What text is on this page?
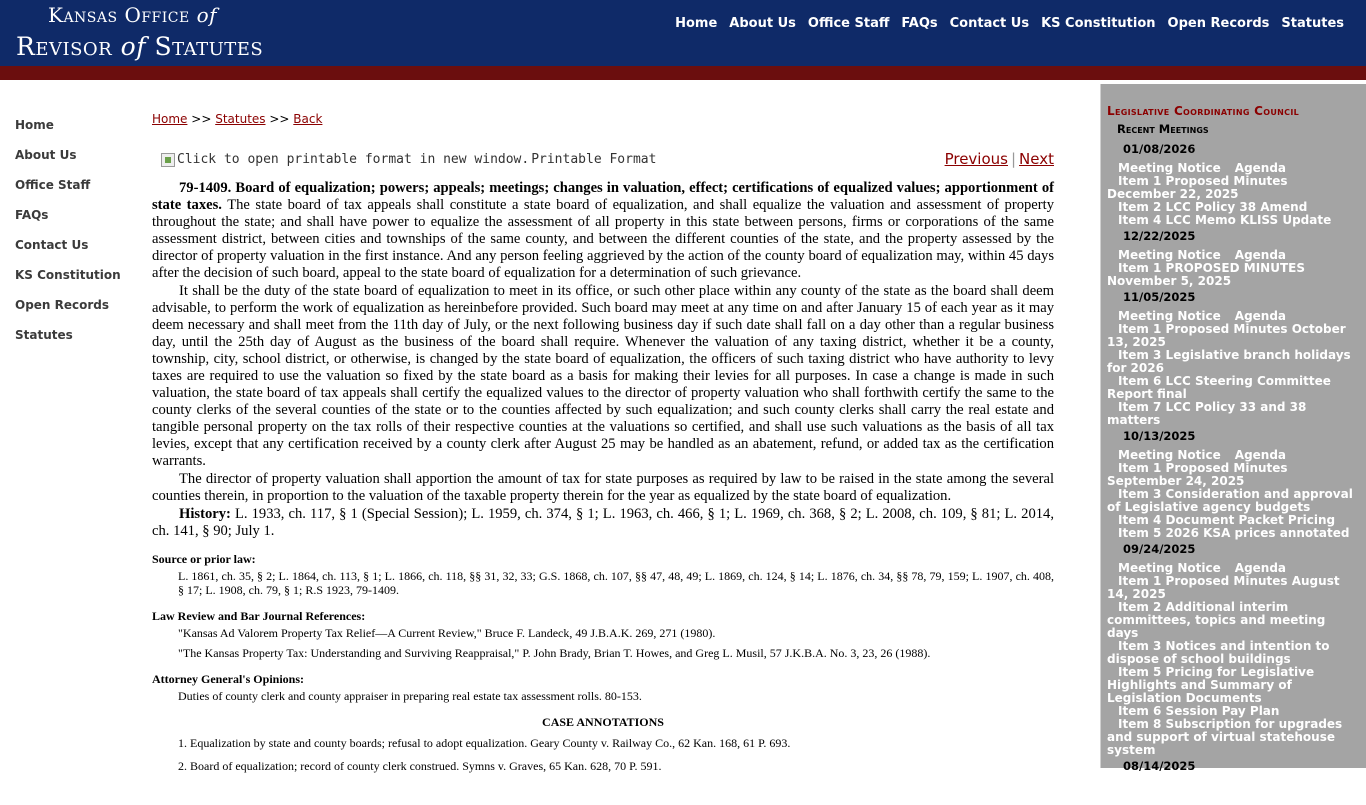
Kansas Office of
Revisor of Statutes
Home About Us Office Staff FAQs Contact Us KS Constitution Open Records Statutes
Home
About Us
Office Staff
FAQs
Contact Us
KS Constitution
Open Records
Statutes
Home >> Statutes >> Back
Click to open printable format in new window. Printable Format	Previous | Next

79-1409. Board of equalization; powers; appeals; meetings; changes in valuation, effect; certifications of equalized values; apportionment of state taxes. The state board of tax appeals shall constitute a state board of equalization, and shall equalize the valuation and assessment of property throughout the state; and shall have power to equalize the assessment of all property in this state between persons, firms or corporations of the same assessment district, between cities and townships of the same county, and between the different counties of the state, and the property assessed by the director of property valuation in the first instance. And any person feeling aggrieved by the action of the county board of equalization may, within 45 days after the decision of such board, appeal to the state board of equalization for a determination of such grievance.

It shall be the duty of the state board of equalization to meet in its office, or such other place within any county of the state as the board shall deem advisable, to perform the work of equalization as hereinbefore provided. Such board may meet at any time on and after January 15 of each year as it may deem necessary and shall meet from the 11th day of July, or the next following business day if such date shall fall on a day other than a regular business day, until the 25th day of August as the business of the board shall require. Whenever the valuation of any taxing district, whether it be a county, township, city, school district, or otherwise, is changed by the state board of equalization, the officers of such taxing district who have authority to levy taxes are required to use the valuation so fixed by the state board as a basis for making their levies for all purposes. In case a change is made in such valuation, the state board of tax appeals shall certify the equalized values to the director of property valuation who shall forthwith certify the same to the county clerks of the several counties of the state or to the counties affected by such equalization; and such county clerks shall carry the real estate and tangible personal property on the tax rolls of their respective counties at the valuations so certified, and shall use such valuations as the basis of all tax levies, except that any certification received by a county clerk after August 25 may be handled as an abatement, refund, or added tax as the certification warrants.

The director of property valuation shall apportion the amount of tax for state purposes as required by law to be raised in the state among the several counties therein, in proportion to the valuation of the taxable property therein for the year as equalized by the state board of equalization.

History: L. 1933, ch. 117, § 1 (Special Session); L. 1959, ch. 374, § 1; L. 1963, ch. 466, § 1; L. 1969, ch. 368, § 2; L. 2008, ch. 109, § 81; L. 2014, ch. 141, § 90; July 1.

Source or prior law:
L. 1861, ch. 35, § 2; L. 1864, ch. 113, § 1; L. 1866, ch. 118, §§ 31, 32, 33; G.S. 1868, ch. 107, §§ 47, 48, 49; L. 1869, ch. 124, § 14; L. 1876, ch. 34, §§ 78, 79, 159; L. 1907, ch. 408, § 17; L. 1908, ch. 79, § 1; R.S 1923, 79-1409.
Law Review and Bar Journal References:
"Kansas Ad Valorem Property Tax Relief—A Current Review," Bruce F. Landeck, 49 J.B.A.K. 269, 271 (1980).
"The Kansas Property Tax: Understanding and Surviving Reappraisal," P. John Brady, Brian T. Howes, and Greg L. Musil, 57 J.K.B.A. No. 3, 23, 26 (1988).
Attorney General's Opinions:
Duties of county clerk and county appraiser in preparing real estate tax assessment rolls. 80-153.
CASE ANNOTATIONS
1. Equalization by state and county boards; refusal to adopt equalization. Geary County v. Railway Co., 62 Kan. 168, 61 P. 693.
2. Board of equalization; record of county clerk construed. Symns v. Graves, 65 Kan. 628, 70 P. 591.
Legislative Coordinating Council
Recent Meetings
01/08/2026
Meeting Notice Agenda
Item 1 Proposed Minutes December 22, 2025
Item 2 LCC Policy 38 Amend
Item 4 LCC Memo KLISS Update
12/22/2025
Meeting Notice Agenda
Item 1 PROPOSED MINUTES November 5, 2025
11/05/2025
Meeting Notice Agenda
Item 1 Proposed Minutes October 13, 2025
Item 3 Legislative branch holidays for 2026
Item 6 LCC Steering Committee Report final
Item 7 LCC Policy 33 and 38 matters
10/13/2025
Meeting Notice Agenda
Item 1 Proposed Minutes September 24, 2025
Item 3 Consideration and approval of Legislative agency budgets
Item 4 Document Packet Pricing
Item 5 2026 KSA prices annotated
09/24/2025
Meeting Notice Agenda
Item 1 Proposed Minutes August 14, 2025
Item 2 Additional interim committees, topics and meeting days
Item 3 Notices and intention to dispose of school buildings
Item 5 Pricing for Legislative Highlights and Summary of Legislation Documents
Item 6 Session Pay Plan
Item 8 Subscription for upgrades and support of virtual statehouse system
08/14/2025
Meeting Notice Agenda
Item 1 Proposed Minutes July 7
